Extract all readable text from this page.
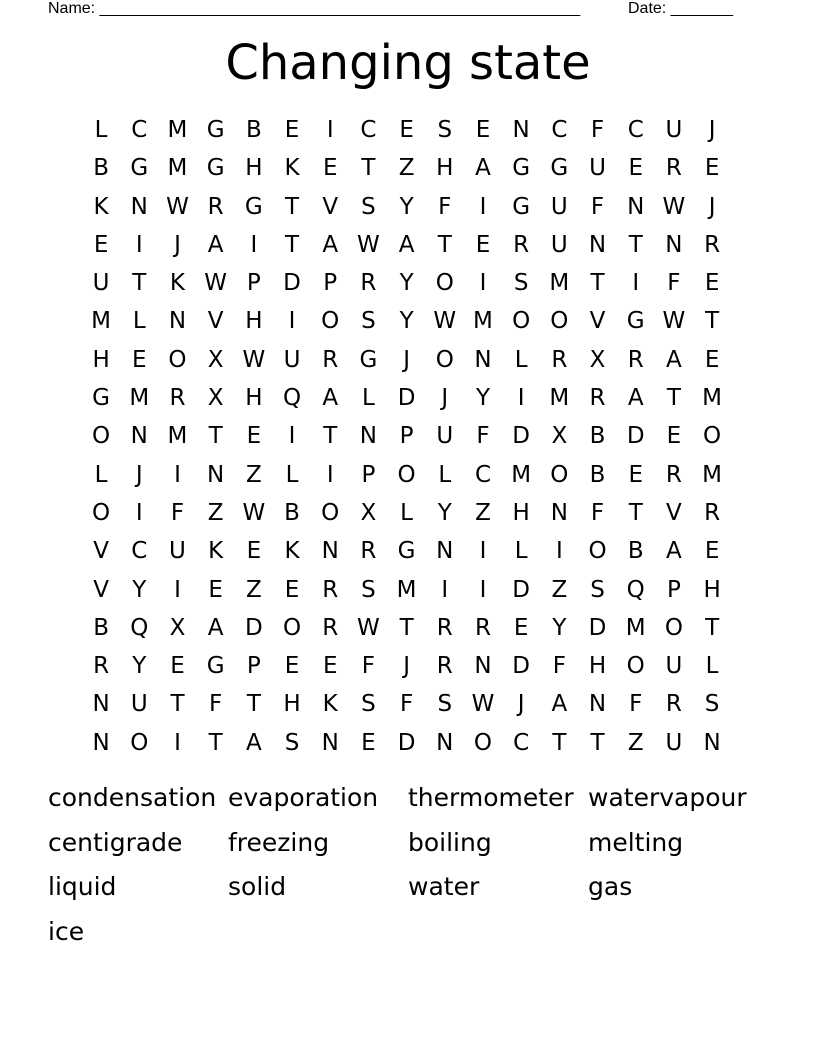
Name: ______________________________________________________	Date: _______
Changing state
L	C M G B	E	I	C E	S	E N C	F	C U	J
B G M G H K	E	T	Z H A G G U E R E
K N W R G T	V	S	Y	F	I	G U	F N W	J
E	I	J	A	I	T	A W A	T	E R U N T N R
U T	K W P D P	R	Y O	I	S M T	I	F	E
M L	N V H	I	O S	Y W M O O V G W T
H E O X W U R G	J	O N	L	R X R A	E
G M R X H Q A	L D	J	Y	I	M R A	T M
O N M T	E	I	T N P U	F D X B D E O
L	J	I	N Z	L	I	P O L	C M O B	E R M
O	I	F	Z W B O X	L	Y	Z H N F	T	V R
V C U K	E	K N R G N	I	L	I	O B A	E
V	Y	I	E	Z	E R S M	I	I	D Z	S Q P H
B Q X A D O R W T	R R E	Y D M O T
R	Y	E G P	E	E	F	J	R N D F H O U	L
N U T	F	T H K	S	F	S W	J	A N F	R S
N O	I	T	A	S N E D N O C	T	T	Z U N
condensation evaporation	thermometer watervapour
centigrade	freezing	boiling	melting
liquid	solid	water	gas
ice
